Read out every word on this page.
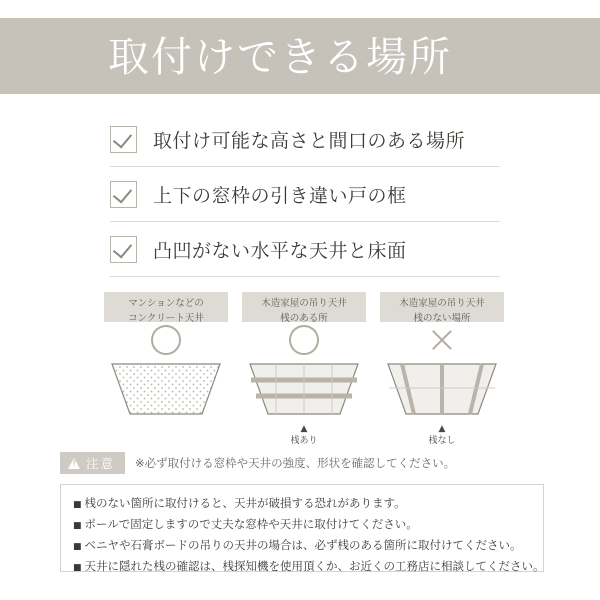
取付けできる場所
取付け可能な高さと間口のある場所
上下の窓枠の引き違い戸の框
凸凹がない水平な天井と床面
マンションなどの
コンクリート天井
木造家屋の吊り天井
桟のある所
▲
桟あり
木造家屋の吊り天井
桟のない場所
▲
桟なし
!
注意 ※必ず取付ける窓枠や天井の強度、形状を確認してください。
■ 桟のない箇所に取付けると、天井が破損する恐れがあります。
■ ポールで固定しますので丈夫な窓枠や天井に取付けてください。
■ ベニヤや石膏ボードの吊りの天井の場合は、必ず桟のある箇所に取付けてください。
■ 天井に隠れた桟の確認は、桟探知機を使用頂くか、お近くの工務店に相談してください。
